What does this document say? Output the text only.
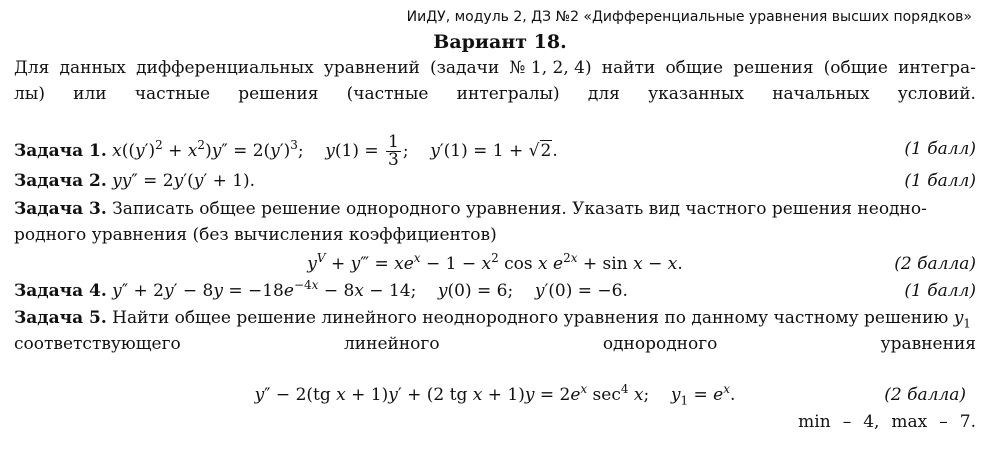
ИиДУ, модуль 2, ДЗ №2 «Дифференциальные уравнения высших порядков»
Вариант 18.
Для данных дифференциальных уравнений (задачи № 1, 2, 4) найти общие решения (общие интегра-
лы) или частные решения (частные интегралы) для указанных начальных условий.
Задача 1. $x((y')^2 + x^2)y'' = 2(y')^3$;    $y(1) = \frac{1}{3}$ ;    y′(1) = 1 + √2.	(1 балл)
Задача 2. yy″ = 2y′(y′ + 1).	(1 балл)
Задача 3. Записать общее решение однородного уравнения. Указать вид частного решения неодно-
родного уравнения (без вычисления коэффициентов)
$y^V$ + y‴ = $xe^x - 1 - x^2$ cos x $e^{2x} + \sin x - x$.	(2 балла)
Задача 4. $y'' + 2y' - 8y = -18e^{-4x} - 8x - 14$;    y(0) = 6;    y′(0) = −6.	(1 балл)
Задача 5. Найти общее решение линейного неоднородного уравнения по данному частному решению $y_1$
соответствующего	линейного	однородного	уравнения
y″ − 2(tg x + 1)y′ + (2 tg $x + 1)y = 2e^x$ $\sec^4 x$;    $y_1 = e^x$.	(2 балла)
min – 4, max – 7.
